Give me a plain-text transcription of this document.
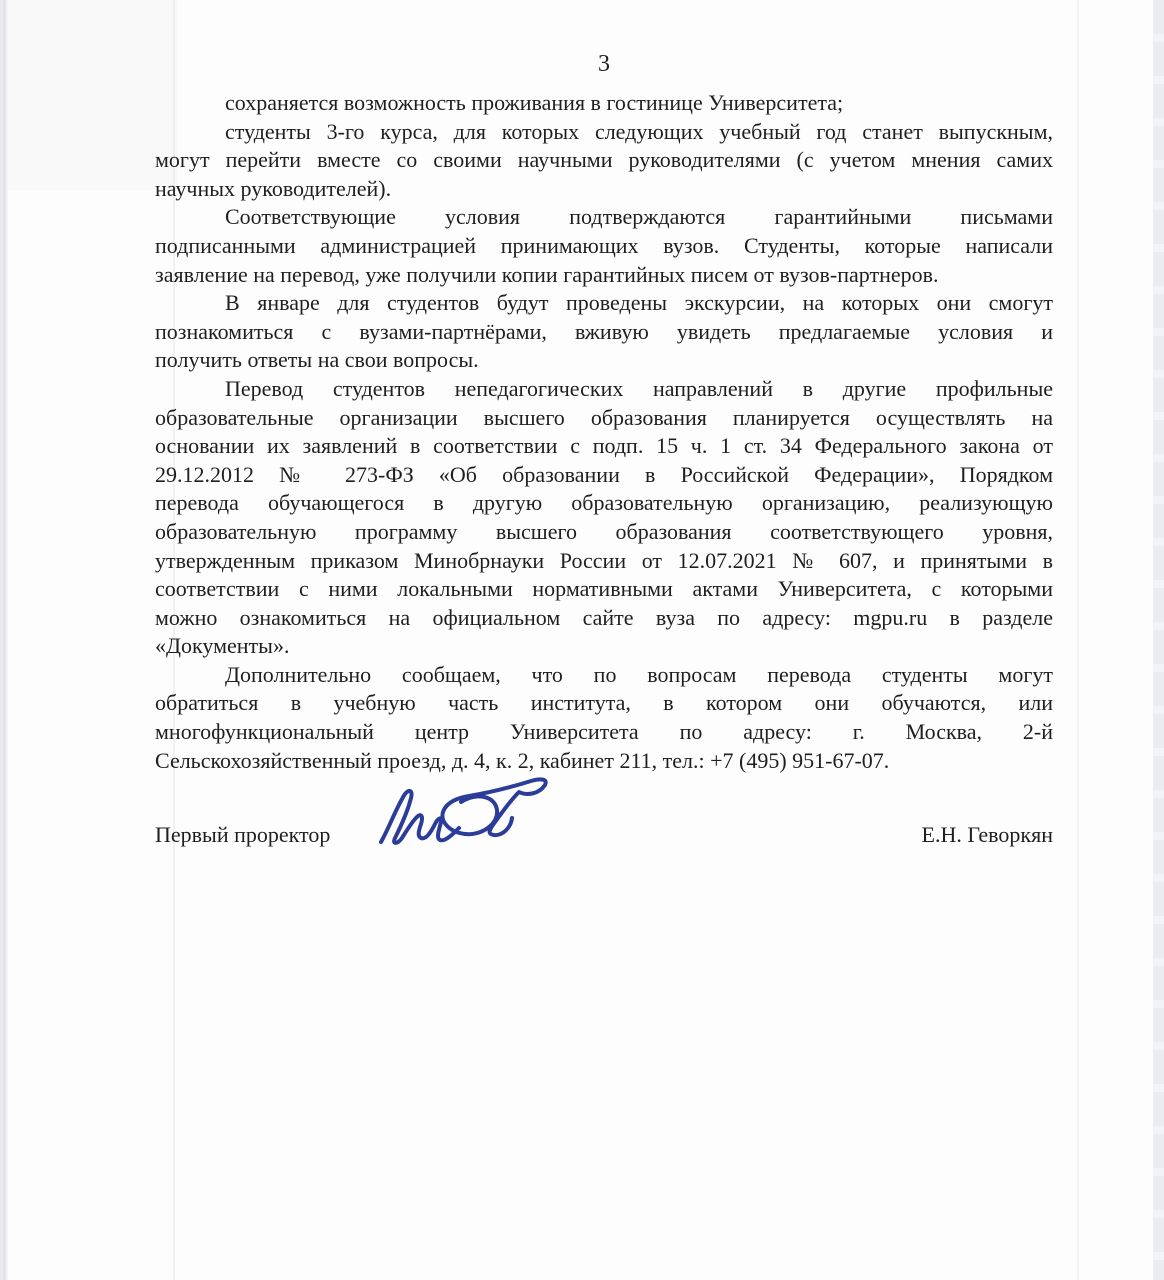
3
сохраняется возможность проживания в гостинице Университета;
студенты 3-го курса, для которых следующих учебный год станет выпускным,
могут перейти вместе со своими научными руководителями (с учетом мнения самих
научных руководителей).
Соответствующие условия подтверждаются гарантийными письмами
подписанными администрацией принимающих вузов. Студенты, которые написали
заявление на перевод, уже получили копии гарантийных писем от вузов-партнеров.
В январе для студентов будут проведены экскурсии, на которых они смогут
познакомиться с вузами-партнёрами, вживую увидеть предлагаемые условия и
получить ответы на свои вопросы.
Перевод студентов непедагогических направлений в другие профильные
образовательные организации высшего образования планируется осуществлять на
основании их заявлений в соответствии с подп. 15 ч. 1 ст. 34 Федерального закона от
29.12.2012 № 273-ФЗ «Об образовании в Российской Федерации», Порядком
перевода обучающегося в другую образовательную организацию, реализующую
образовательную программу высшего образования соответствующего уровня,
утвержденным приказом Минобрнауки России от 12.07.2021 № 607, и принятыми в
соответствии с ними локальными нормативными актами Университета, с которыми
можно ознакомиться на официальном сайте вуза по адресу: mgpu.ru в разделе
«Документы».
Дополнительно сообщаем, что по вопросам перевода студенты могут
обратиться в учебную часть института, в котором они обучаются, или
многофункциональный центр Университета по адресу: г. Москва, 2-й
Сельскохозяйственный проезд, д. 4, к. 2, кабинет 211, тел.: +7 (495) 951-67-07.
Первый проректор	Е.Н. Геворкян
